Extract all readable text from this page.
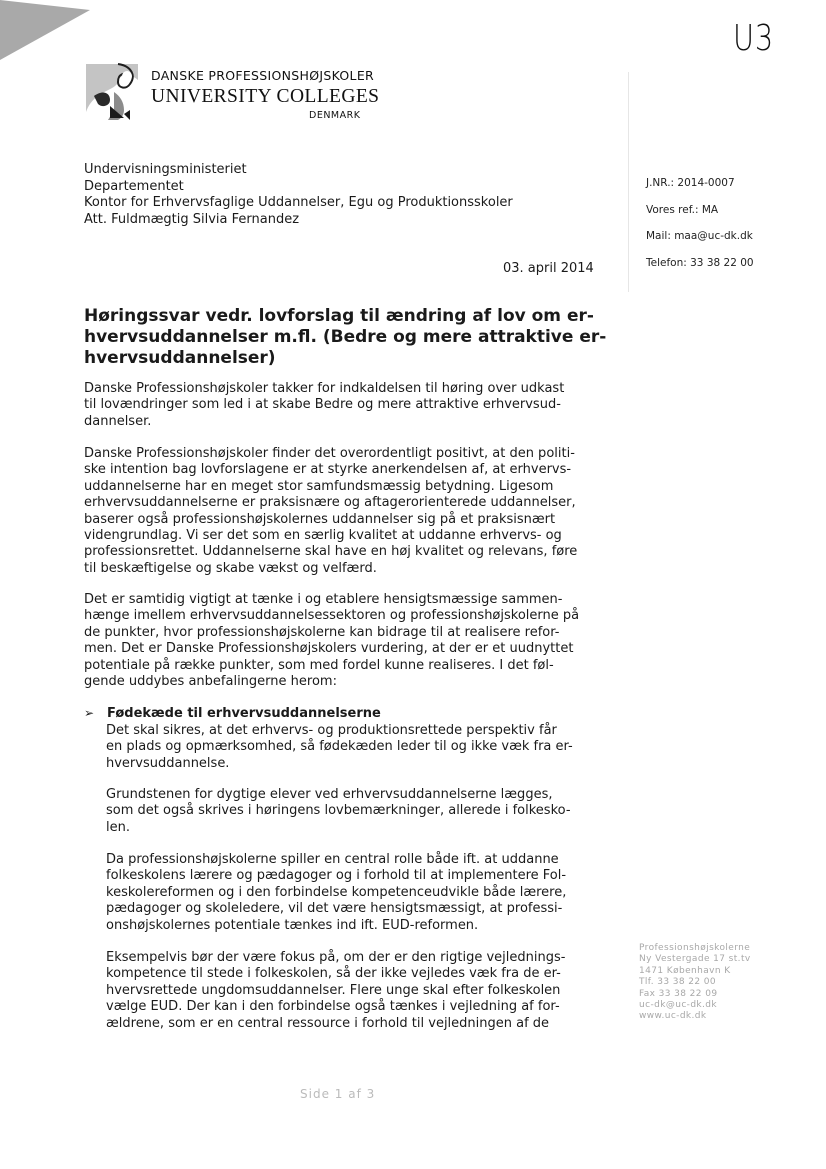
U3
DANSKE PROFESSIONSHØJSKOLER
UNIVERSITY COLLEGES
DENMARK
Undervisningsministeriet
Departementet
Kontor for Erhvervsfaglige Uddannelser, Egu og Produktionsskoler
Att. Fuldmægtig Silvia Fernandez
J.NR.: 2014-0007
Vores ref.: MA
Mail: maa@uc-dk.dk
Telefon: 33 38 22 00
03. april 2014
Høringssvar vedr. lovforslag til ændring af lov om er-
hvervsuddannelser m.fl. (Bedre og mere attraktive er-
hvervsuddannelser)
Danske Professionshøjskoler takker for indkaldelsen til høring over udkast
til lovændringer som led i at skabe Bedre og mere attraktive erhvervsud-
dannelser.
Danske Professionshøjskoler finder det overordentligt positivt, at den politi-
ske intention bag lovforslagene er at styrke anerkendelsen af, at erhvervs-
uddannelserne har en meget stor samfundsmæssig betydning. Ligesom
erhvervsuddannelserne er praksisnære og aftagerorienterede uddannelser,
baserer også professionshøjskolernes uddannelser sig på et praksisnært
videngrundlag. Vi ser det som en særlig kvalitet at uddanne erhvervs- og
professionsrettet. Uddannelserne skal have en høj kvalitet og relevans, føre
til beskæftigelse og skabe vækst og velfærd.
Det er samtidig vigtigt at tænke i og etablere hensigtsmæssige sammen-
hænge imellem erhvervsuddannelsessektoren og professionshøjskolerne på
de punkter, hvor professionshøjskolerne kan bidrage til at realisere refor-
men. Det er Danske Professionshøjskolers vurdering, at der er et uudnyttet
potentiale på række punkter, som med fordel kunne realiseres. I det føl-
gende uddybes anbefalingerne herom:
➢ Fødekæde til erhvervsuddannelserne
Det skal sikres, at det erhvervs- og produktionsrettede perspektiv får
en plads og opmærksomhed, så fødekæden leder til og ikke væk fra er-
hvervsuddannelse.
Grundstenen for dygtige elever ved erhvervsuddannelserne lægges,
som det også skrives i høringens lovbemærkninger, allerede i folkesko-
len.
Da professionshøjskolerne spiller en central rolle både ift. at uddanne
folkeskolens lærere og pædagoger og i forhold til at implementere Fol-
keskolereformen og i den forbindelse kompetenceudvikle både lærere,
pædagoger og skoleledere, vil det være hensigtsmæssigt, at professi-
onshøjskolernes potentiale tænkes ind ift. EUD-reformen.
Eksempelvis bør der være fokus på, om der er den rigtige vejlednings-
kompetence til stede i folkeskolen, så der ikke vejledes væk fra de er-
hvervsrettede ungdomsuddannelser. Flere unge skal efter folkeskolen
vælge EUD. Der kan i den forbindelse også tænkes i vejledning af for-
ældrene, som er en central ressource i forhold til vejledningen af de
Professionshøjskolerne
Ny Vestergade 17 st.tv
1471 København K
Tlf. 33 38 22 00
Fax 33 38 22 09
uc-dk@uc-dk.dk
www.uc-dk.dk
Side 1 af 3
